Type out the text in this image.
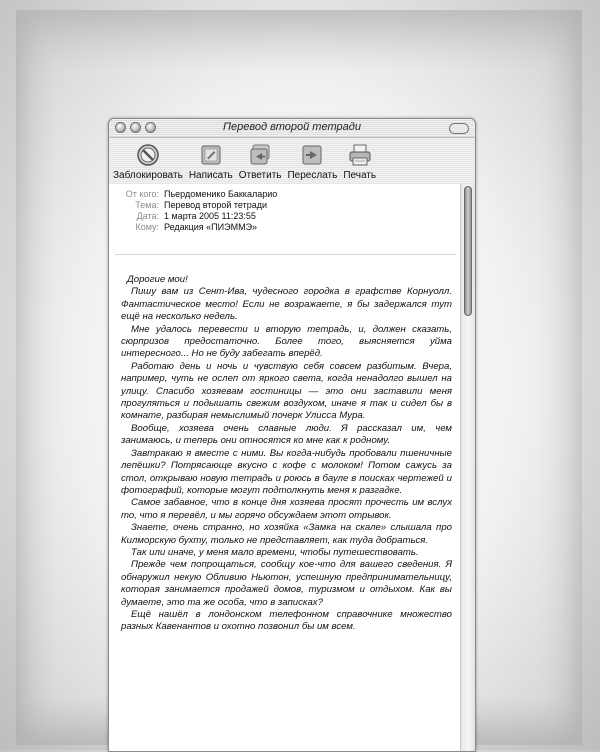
Перевод второй тетради
Заблокировать Написать Ответить Переслать Печать
От кого: Пьердоменико Баккаларио
Тема: Перевод второй тетради
Дата: 1 марта 2005 11:23:55
Кому: Редакция «ПИЭММЭ»

Дорогие мои!

Пишу вам из Сент-Ива, чудесного городка в графстве Корнуолл. Фантастическое место! Если не возражаете, я бы задержался тут ещё на несколько недель.

Мне удалось перевести и вторую тетрадь, и, должен сказать, сюрпризов предостаточно. Более того, выясняется уйма интересного... Но не буду забегать вперёд.

Работаю день и ночь и чувствую себя совсем разбитым. Вчера, например, чуть не ослеп от яркого света, когда ненадолго вышел на улицу. Спасибо хозяевам гостиницы — это они заставили меня прогуляться и подышать свежим воздухом, иначе я так и сидел бы в комнате, разбирая немыслимый почерк Улисса Мура.

Вообще, хозяева очень славные люди. Я рассказал им, чем занимаюсь, и теперь они относятся ко мне как к родному.

Завтракаю я вместе с ними. Вы когда-нибудь пробовали пшеничные лепёшки? Потрясающе вкусно с кофе с молоком! Потом сажусь за стол, открываю новую тетрадь и роюсь в бауле в поисках чертежей и фотографий, которые могут подтолкнуть меня к разгадке.

Самое забавное, что в конце дня хозяева просят прочесть им вслух то, что я перевёл, и мы горячо обсуждаем этот отрывок.

Знаете, очень странно, но хозяйка «Замка на скале» слышала про Килморскую бухту, только не представляет, как туда добраться.

Так или иначе, у меня мало времени, чтобы путешествовать.

Прежде чем попрощаться, сообщу кое-что для вашего сведения. Я обнаружил некую Обливию Ньютон, успешную предпринимательницу, которая занимается продажей домов, туризмом и отдыхом. Как вы думаете, это та же особа, что в записках?

Ещё нашёл в лондонском телефонном справочнике множество разных Кавенантов и охотно позвонил бы им всем.
